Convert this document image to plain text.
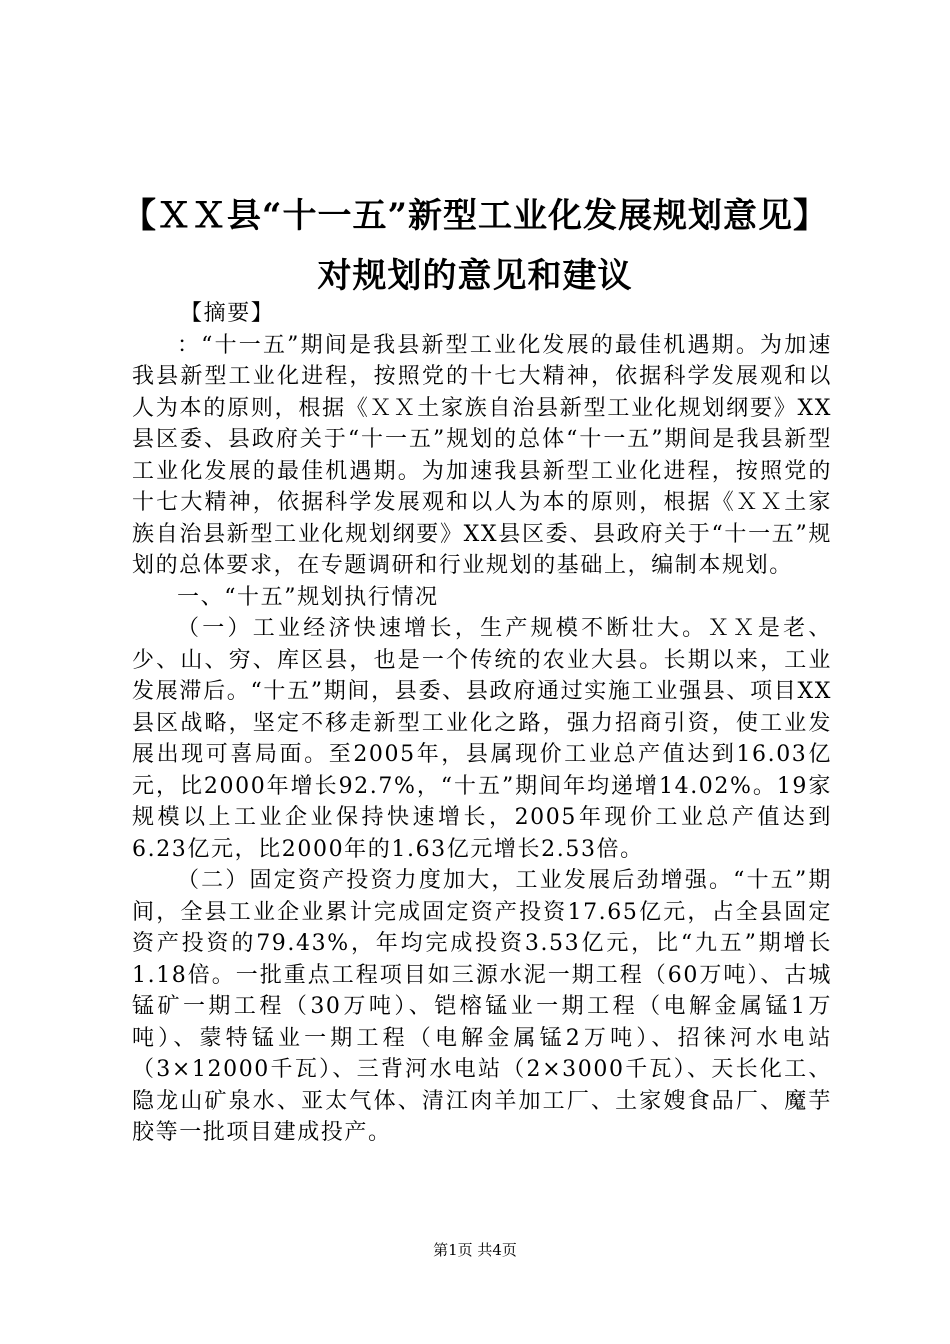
【ＸＸ县“十一五”新型工业化发展规划意见】对规划的意见和建议

【摘要】

：“十一五”期间是我县新型工业化发展的最佳机遇期。为加速我县新型工业化进程，按照党的十七大精神，依据科学发展观和以人为本的原则，根据《ＸＸ土家族自治县新型工业化规划纲要》XX县区委、县政府关于“十一五”规划的总体“十一五”期间是我县新型工业化发展的最佳机遇期。为加速我县新型工业化进程，按照党的十七大精神，依据科学发展观和以人为本的原则，根据《ＸＸ土家族自治县新型工业化规划纲要》XX县区委、县政府关于“十一五”规划的总体要求，在专题调研和行业规划的基础上，编制本规划。

一、“十五”规划执行情况

（一）工业经济快速增长，生产规模不断壮大。ＸＸ是老、少、山、穷、库区县，也是一个传统的农业大县。长期以来，工业发展滞后。“十五”期间，县委、县政府通过实施工业强县、项目XX县区战略，坚定不移走新型工业化之路，强力招商引资，使工业发展出现可喜局面。至2005年，县属现价工业总产值达到16.03亿元，比2000年增长92.7%，“十五”期间年均递增14.02%。19家规模以上工业企业保持快速增长，2005年现价工业总产值达到6.23亿元，比2000年的1.63亿元增长2.53倍。

（二）固定资产投资力度加大，工业发展后劲增强。“十五”期间，全县工业企业累计完成固定资产投资17.65亿元，占全县固定资产投资的79.43%，年均完成投资3.53亿元，比“九五”期增长1.18倍。一批重点工程项目如三源水泥一期工程（60万吨）、古城锰矿一期工程（30万吨）、铠榕锰业一期工程（电解金属锰1万吨）、蒙特锰业一期工程（电解金属锰2万吨）、招徕河水电站（3×12000千瓦）、三背河水电站（2×3000千瓦）、天长化工、隐龙山矿泉水、亚太气体、清江肉羊加工厂、土家嫂食品厂、魔芋胶等一批项目建成投产。

第1页 共4页
